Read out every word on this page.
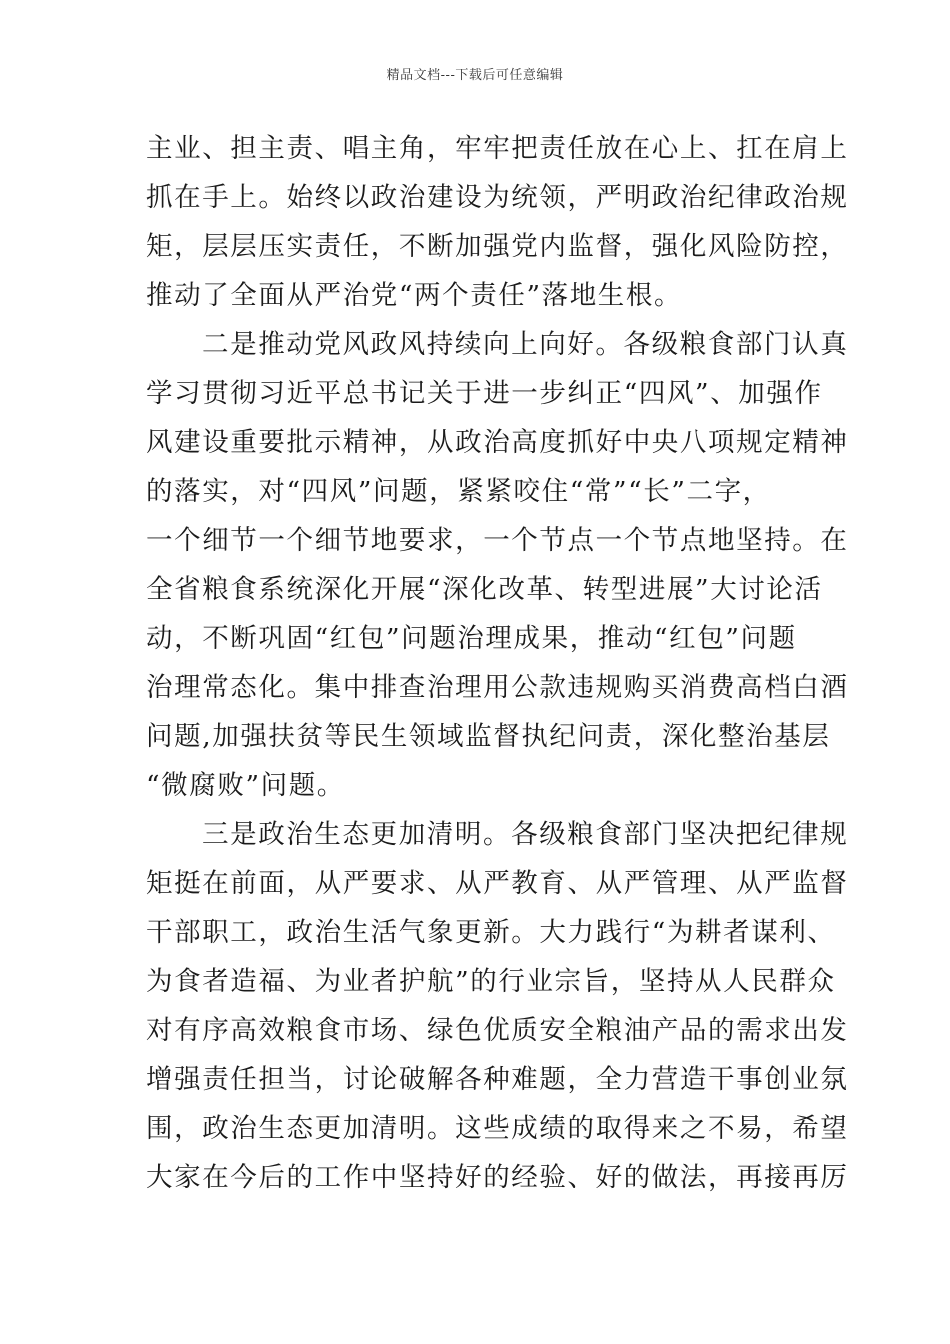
精品文档---下载后可任意编辑
主业、担主责、唱主角，牢牢把责任放在心上、扛在肩上
抓在手上。始终以政治建设为统领，严明政治纪律政治规
矩，层层压实责任，不断加强党内监督，强化风险防控，
推动了全面从严治党“两个责任”落地生根。
二是推动党风政风持续向上向好。各级粮食部门认真
学习贯彻习近平总书记关于进一步纠正“四风”、加强作
风建设重要批示精神，从政治高度抓好中央八项规定精神
的落实，对“四风”问题，紧紧咬住“常”“长”二字，
一个细节一个细节地要求，一个节点一个节点地坚持。在
全省粮食系统深化开展“深化改革、转型进展”大讨论活
动，不断巩固“红包”问题治理成果，推动“红包”问题
治理常态化。集中排查治理用公款违规购买消费高档白酒
问题,加强扶贫等民生领域监督执纪问责，深化整治基层
“微腐败”问题。
三是政治生态更加清明。各级粮食部门坚决把纪律规
矩挺在前面，从严要求、从严教育、从严管理、从严监督
干部职工，政治生活气象更新。大力践行“为耕者谋利、
为食者造福、为业者护航”的行业宗旨，坚持从人民群众
对有序高效粮食市场、绿色优质安全粮油产品的需求出发
增强责任担当，讨论破解各种难题，全力营造干事创业氛
围，政治生态更加清明。这些成绩的取得来之不易，希望
大家在今后的工作中坚持好的经验、好的做法，再接再厉
